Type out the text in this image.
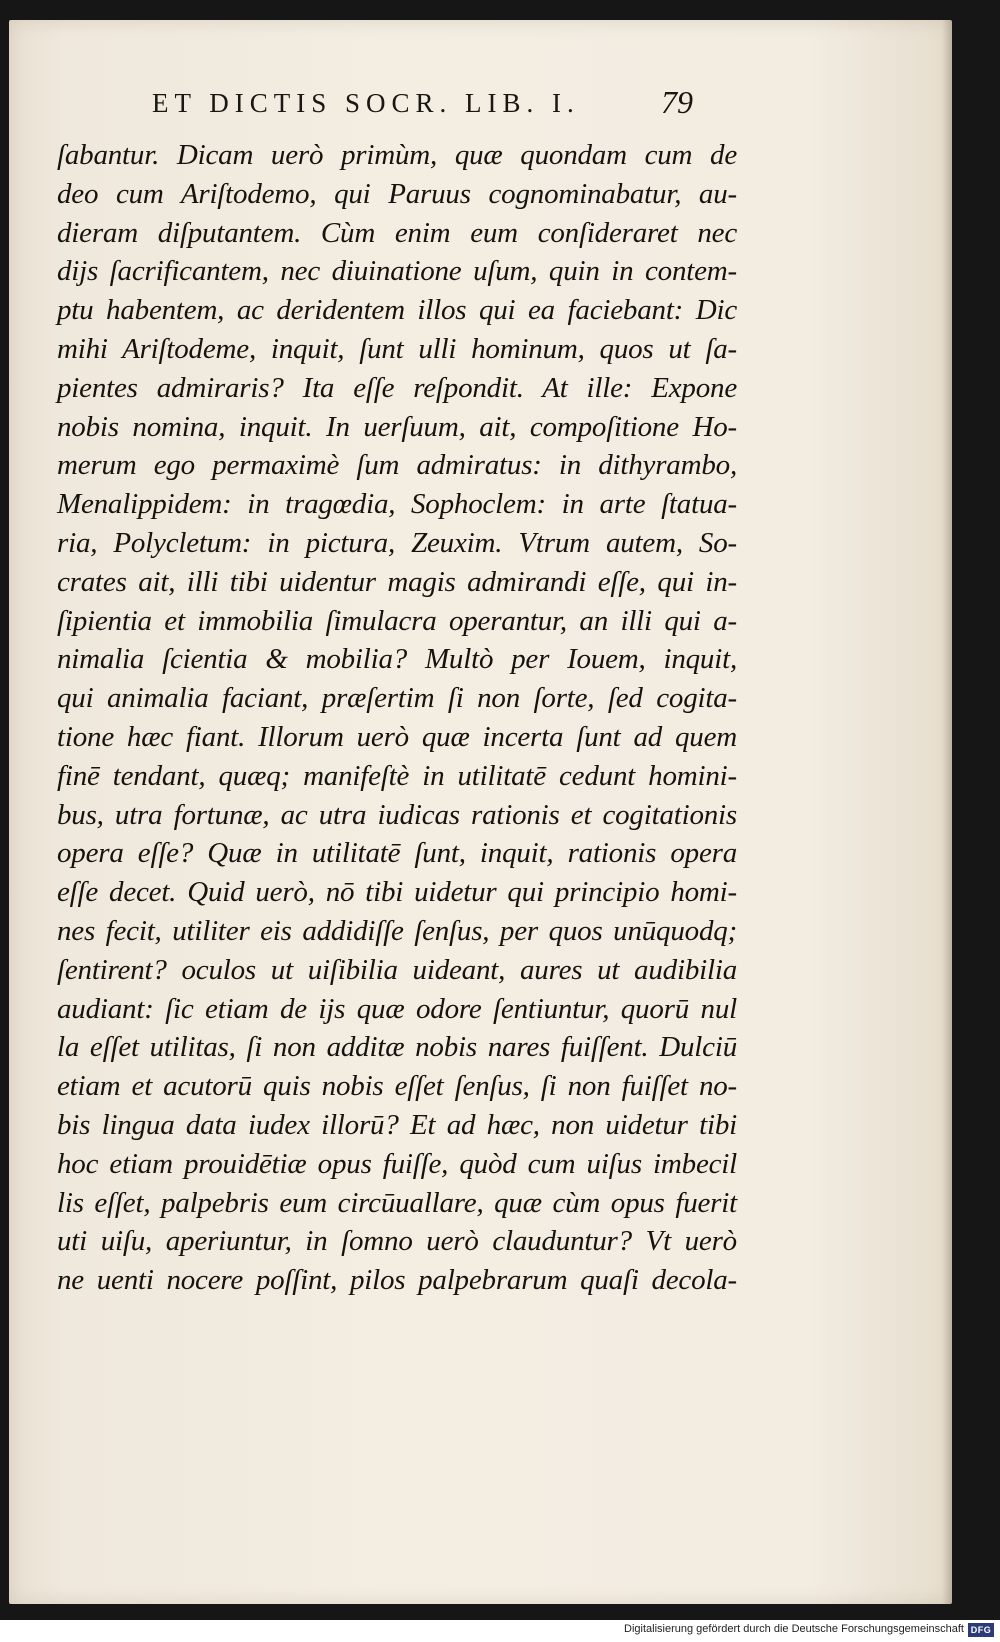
ET DICTIS SOCR. LIB. I.	79
ſabantur. Dicam uerò primùm, quæ quondam cum de
deo cum Ariſtodemo, qui Paruus cognominabatur, au-
dieram diſputantem. Cùm enim eum conſideraret nec
dijs ſacrificantem, nec diuinatione uſum, quin in contem-
ptu habentem, ac deridentem illos qui ea faciebant: Dic
mihi Ariſtodeme, inquit, ſunt ulli hominum, quos ut ſa-
pientes admiraris? Ita eſſe reſpondit. At ille: Expone
nobis nomina, inquit. In uerſuum, ait, compoſitione Ho-
merum ego permaximè ſum admiratus: in dithyrambo,
Menalippidem: in tragœdia, Sophoclem: in arte ſtatua-
ria, Polycletum: in pictura, Zeuxim. Vtrum autem, So-
crates ait, illi tibi uidentur magis admirandi eſſe, qui in-
ſipientia et immobilia ſimulacra operantur, an illi qui a-
nimalia ſcientia & mobilia? Multò per Iouem, inquit,
qui animalia faciant, præſertim ſi non ſorte, ſed cogita-
tione hæc fiant. Illorum uerò quæ incerta ſunt ad quem
finē tendant, quæq; manifeſtè in utilitatē cedunt homini-
bus, utra fortunæ, ac utra iudicas rationis et cogitationis
opera eſſe? Quæ in utilitatē ſunt, inquit, rationis opera
eſſe decet. Quid uerò, nō tibi uidetur qui principio homi-
nes fecit, utiliter eis addidiſſe ſenſus, per quos unūquodq;
ſentirent? oculos ut uiſibilia uideant, aures ut audibilia
audiant: ſic etiam de ijs quæ odore ſentiuntur, quorū nul
la eſſet utilitas, ſi non additæ nobis nares fuiſſent. Dulciū
etiam et acutorū quis nobis eſſet ſenſus, ſi non fuiſſet no-
bis lingua data iudex illorū? Et ad hæc, non uidetur tibi
hoc etiam prouidētiæ opus fuiſſe, quòd cum uiſus imbecil
lis eſſet, palpebris eum circūuallare, quæ cùm opus fuerit
uti uiſu, aperiuntur, in ſomno uerò clauduntur? Vt uerò
ne uenti nocere poſſint, pilos palpebrarum quaſi decola-
Digitalisierung gefördert durch die Deutsche Forschungsgemeinschaft DFG
